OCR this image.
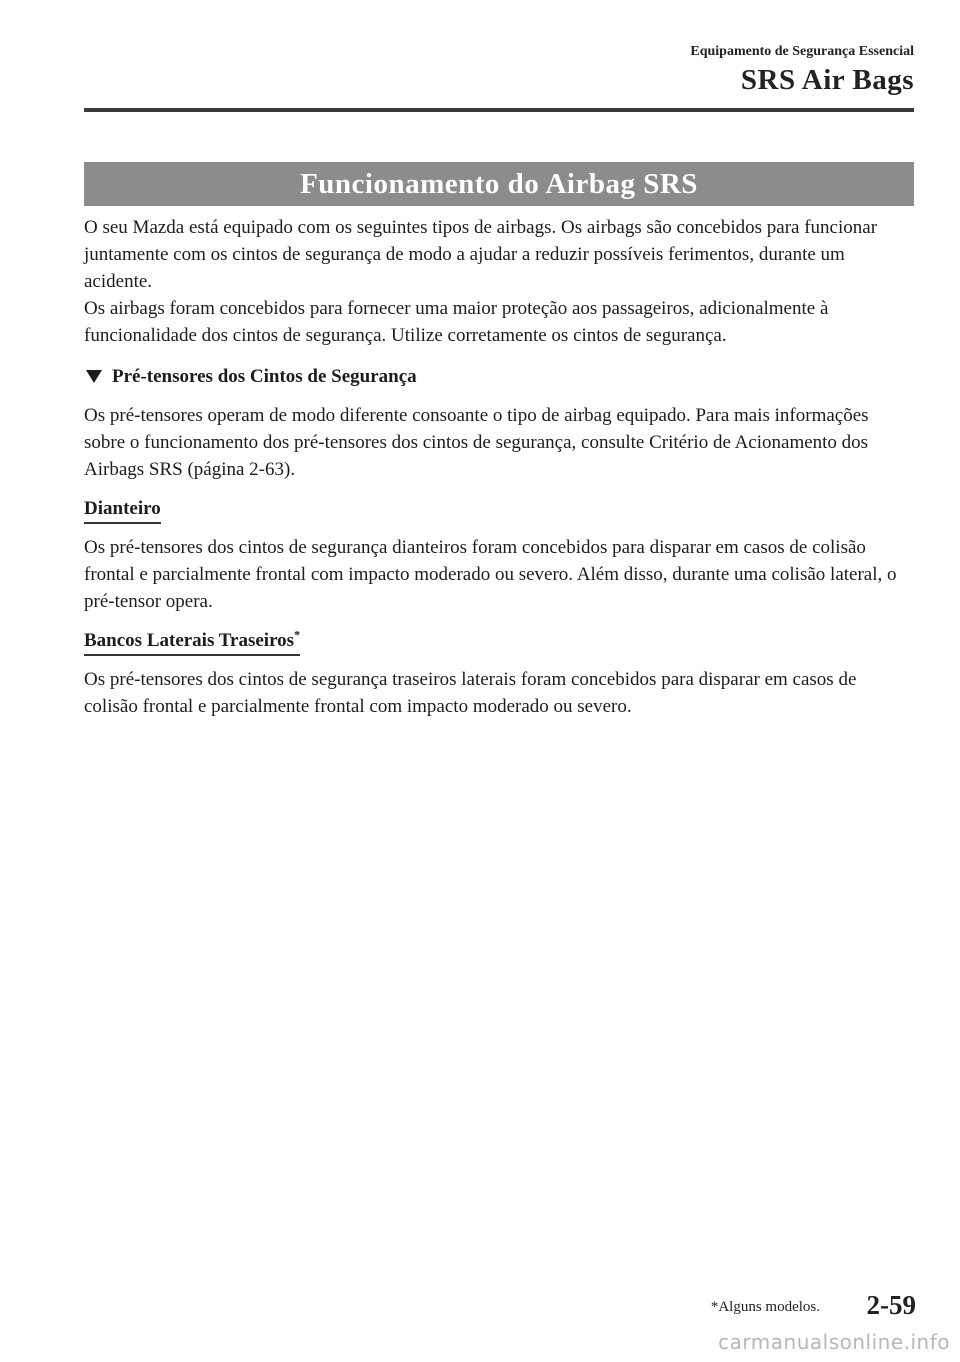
Equipamento de Segurança Essencial
SRS Air Bags
Funcionamento do Airbag SRS

O seu Mazda está equipado com os seguintes tipos de airbags. Os airbags são concebidos para funcionar juntamente com os cintos de segurança de modo a ajudar a reduzir possíveis ferimentos, durante um acidente.

Os airbags foram concebidos para fornecer uma maior proteção aos passageiros, adicionalmente à funcionalidade dos cintos de segurança. Utilize corretamente os cintos de segurança.

Pré-tensores dos Cintos de Segurança

Os pré-tensores operam de modo diferente consoante o tipo de airbag equipado. Para mais informações sobre o funcionamento dos pré-tensores dos cintos de segurança, consulte Critério de Acionamento dos Airbags SRS (página 2-63).

Dianteiro

Os pré-tensores dos cintos de segurança dianteiros foram concebidos para disparar em casos de colisão frontal e parcialmente frontal com impacto moderado ou severo. Além disso, durante uma colisão lateral, o pré-tensor opera.

Bancos Laterais Traseiros*

Os pré-tensores dos cintos de segurança traseiros laterais foram concebidos para disparar em casos de colisão frontal e parcialmente frontal com impacto moderado ou severo.

*Alguns modelos. 2-59
carmanualsonline.info
